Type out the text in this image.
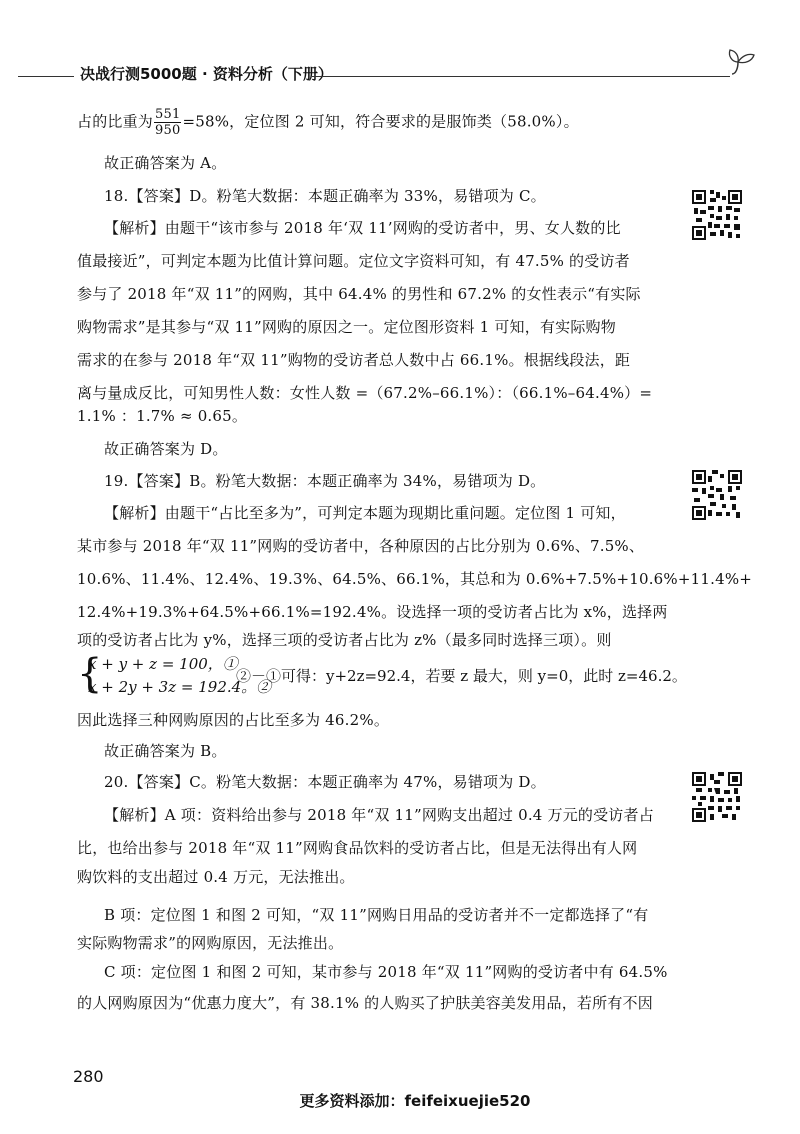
决战行测5000题 · 资料分析（下册）
占的比重为 $\frac{551}{950} =58\%$，定位图 2 可知，符合要求的是服饰类（58.0%）。
故正确答案为 A。
18.【答案】D。粉笔大数据：本题正确率为 33%，易错项为 C。
【解析】由题干“该市参与 2018 年‘双 11’网购的受访者中，男、女人数的比
值最接近”，可判定本题为比值计算问题。定位文字资料可知，有 47.5% 的受访者
参与了 2018 年“双 11”的网购，其中 64.4% 的男性和 67.2% 的女性表示“有实际
购物需求”是其参与“双 11”网购的原因之一。定位图形资料 1 可知，有实际购物
需求的在参与 2018 年“双 11”购物的受访者总人数中占 66.1%。根据线段法，距
离与量成反比，可知男性人数：女性人数 =（67.2%–66.1%）：（66.1%–64.4%）=
1.1% ：1.7% ≈ 0.65。
故正确答案为 D。
19.【答案】B。粉笔大数据：本题正确率为 34%，易错项为 D。
【解析】由题干“占比至多为”，可判定本题为现期比重问题。定位图 1 可知，
某市参与 2018 年“双 11”网购的受访者中，各种原因的占比分别为 0.6%、7.5%、
10.6%、11.4%、12.4%、19.3%、64.5%、66.1%，其总和为 0.6%+7.5%+10.6%+11.4%+
12.4%+19.3%+64.5%+66.1%=192.4%。设选择一项的受访者占比为 x%，选择两
项的受访者占比为 y%，选择三项的受访者占比为 z%（最多同时选择三项）。则
{
x + y + z = 100，①
x + 2y + 3z = 192.4。②
②－①可得：y+2z=92.4，若要 z 最大，则 y=0，此时 z=46.2。
因此选择三种网购原因的占比至多为 46.2%。
故正确答案为 B。
20.【答案】C。粉笔大数据：本题正确率为 47%，易错项为 D。
【解析】A 项：资料给出参与 2018 年“双 11”网购支出超过 0.4 万元的受访者占
比，也给出参与 2018 年“双 11”网购食品饮料的受访者占比，但是无法得出有人网
购饮料的支出超过 0.4 万元，无法推出。
B 项：定位图 1 和图 2 可知，“双 11”网购日用品的受访者并不一定都选择了“有
实际购物需求”的网购原因，无法推出。
C 项：定位图 1 和图 2 可知，某市参与 2018 年“双 11”网购的受访者中有 64.5%
的人网购原因为“优惠力度大”，有 38.1% 的人购买了护肤美容美发用品，若所有不因
280
更多资料添加：feifeixuejie520
